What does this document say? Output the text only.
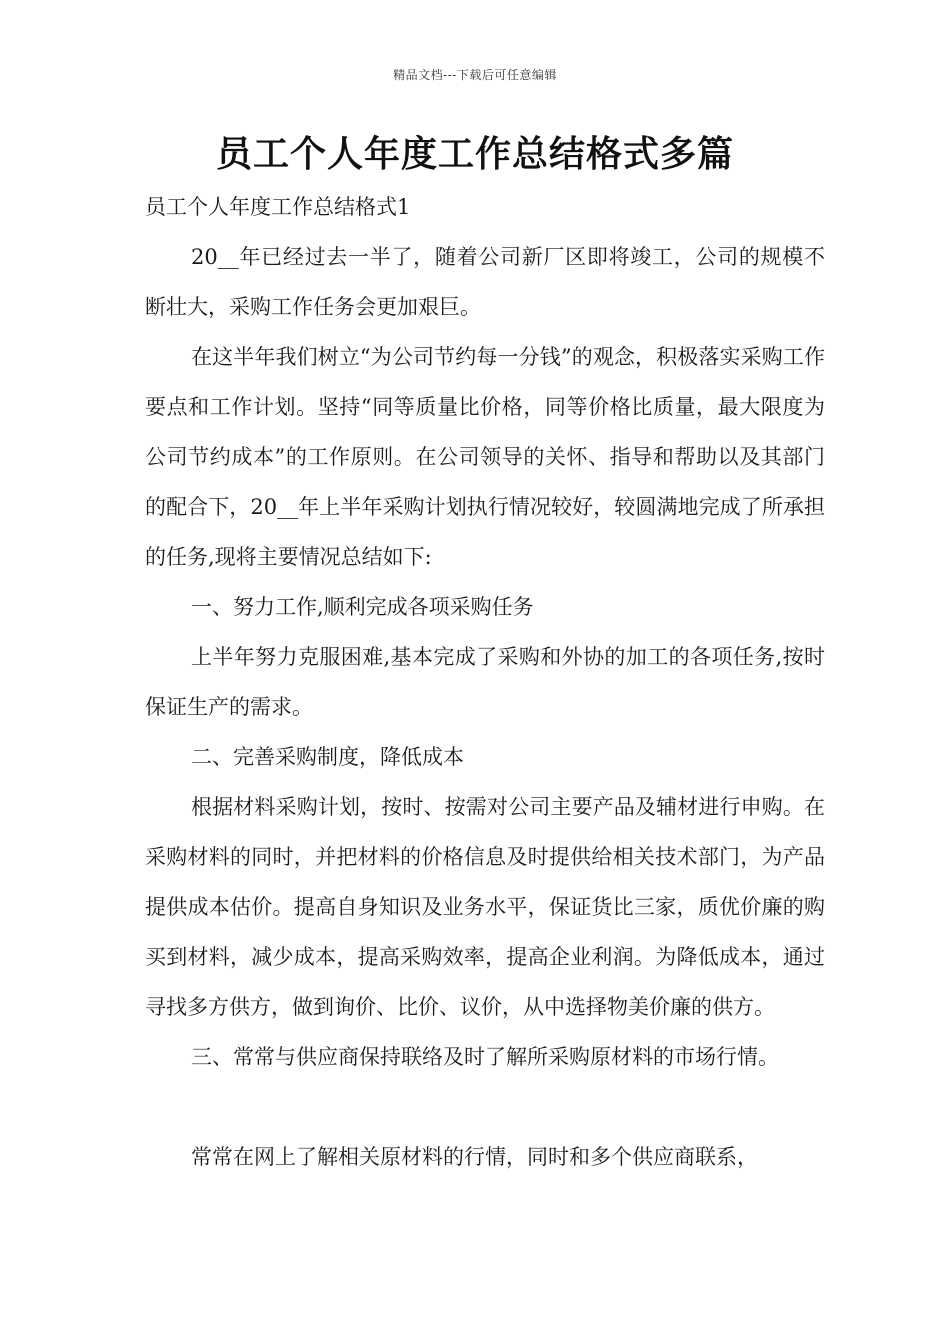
精品文档---下载后可任意编辑
员工个人年度工作总结格式多篇

员工个人年度工作总结格式1

20__年已经过去一半了，随着公司新厂区即将竣工，公司的规模不断壮大，采购工作任务会更加艰巨。

在这半年我们树立“为公司节约每一分钱”的观念，积极落实采购工作要点和工作计划。坚持“同等质量比价格，同等价格比质量，最大限度为公司节约成本”的工作原则。在公司领导的关怀、指导和帮助以及其部门的配合下，20__年上半年采购计划执行情况较好，较圆满地完成了所承担的任务,现将主要情况总结如下:

一、努力工作,顺利完成各项采购任务

上半年努力克服困难,基本完成了采购和外协的加工的各项任务,按时保证生产的需求。

二、完善采购制度，降低成本

根据材料采购计划，按时、按需对公司主要产品及辅材进行申购。在采购材料的同时，并把材料的价格信息及时提供给相关技术部门，为产品提供成本估价。提高自身知识及业务水平，保证货比三家，质优价廉的购买到材料，减少成本，提高采购效率，提高企业利润。为降低成本，通过寻找多方供方，做到询价、比价、议价，从中选择物美价廉的供方。

三、常常与供应商保持联络及时了解所采购原材料的市场行情。

常常在网上了解相关原材料的行情，同时和多个供应商联系，
